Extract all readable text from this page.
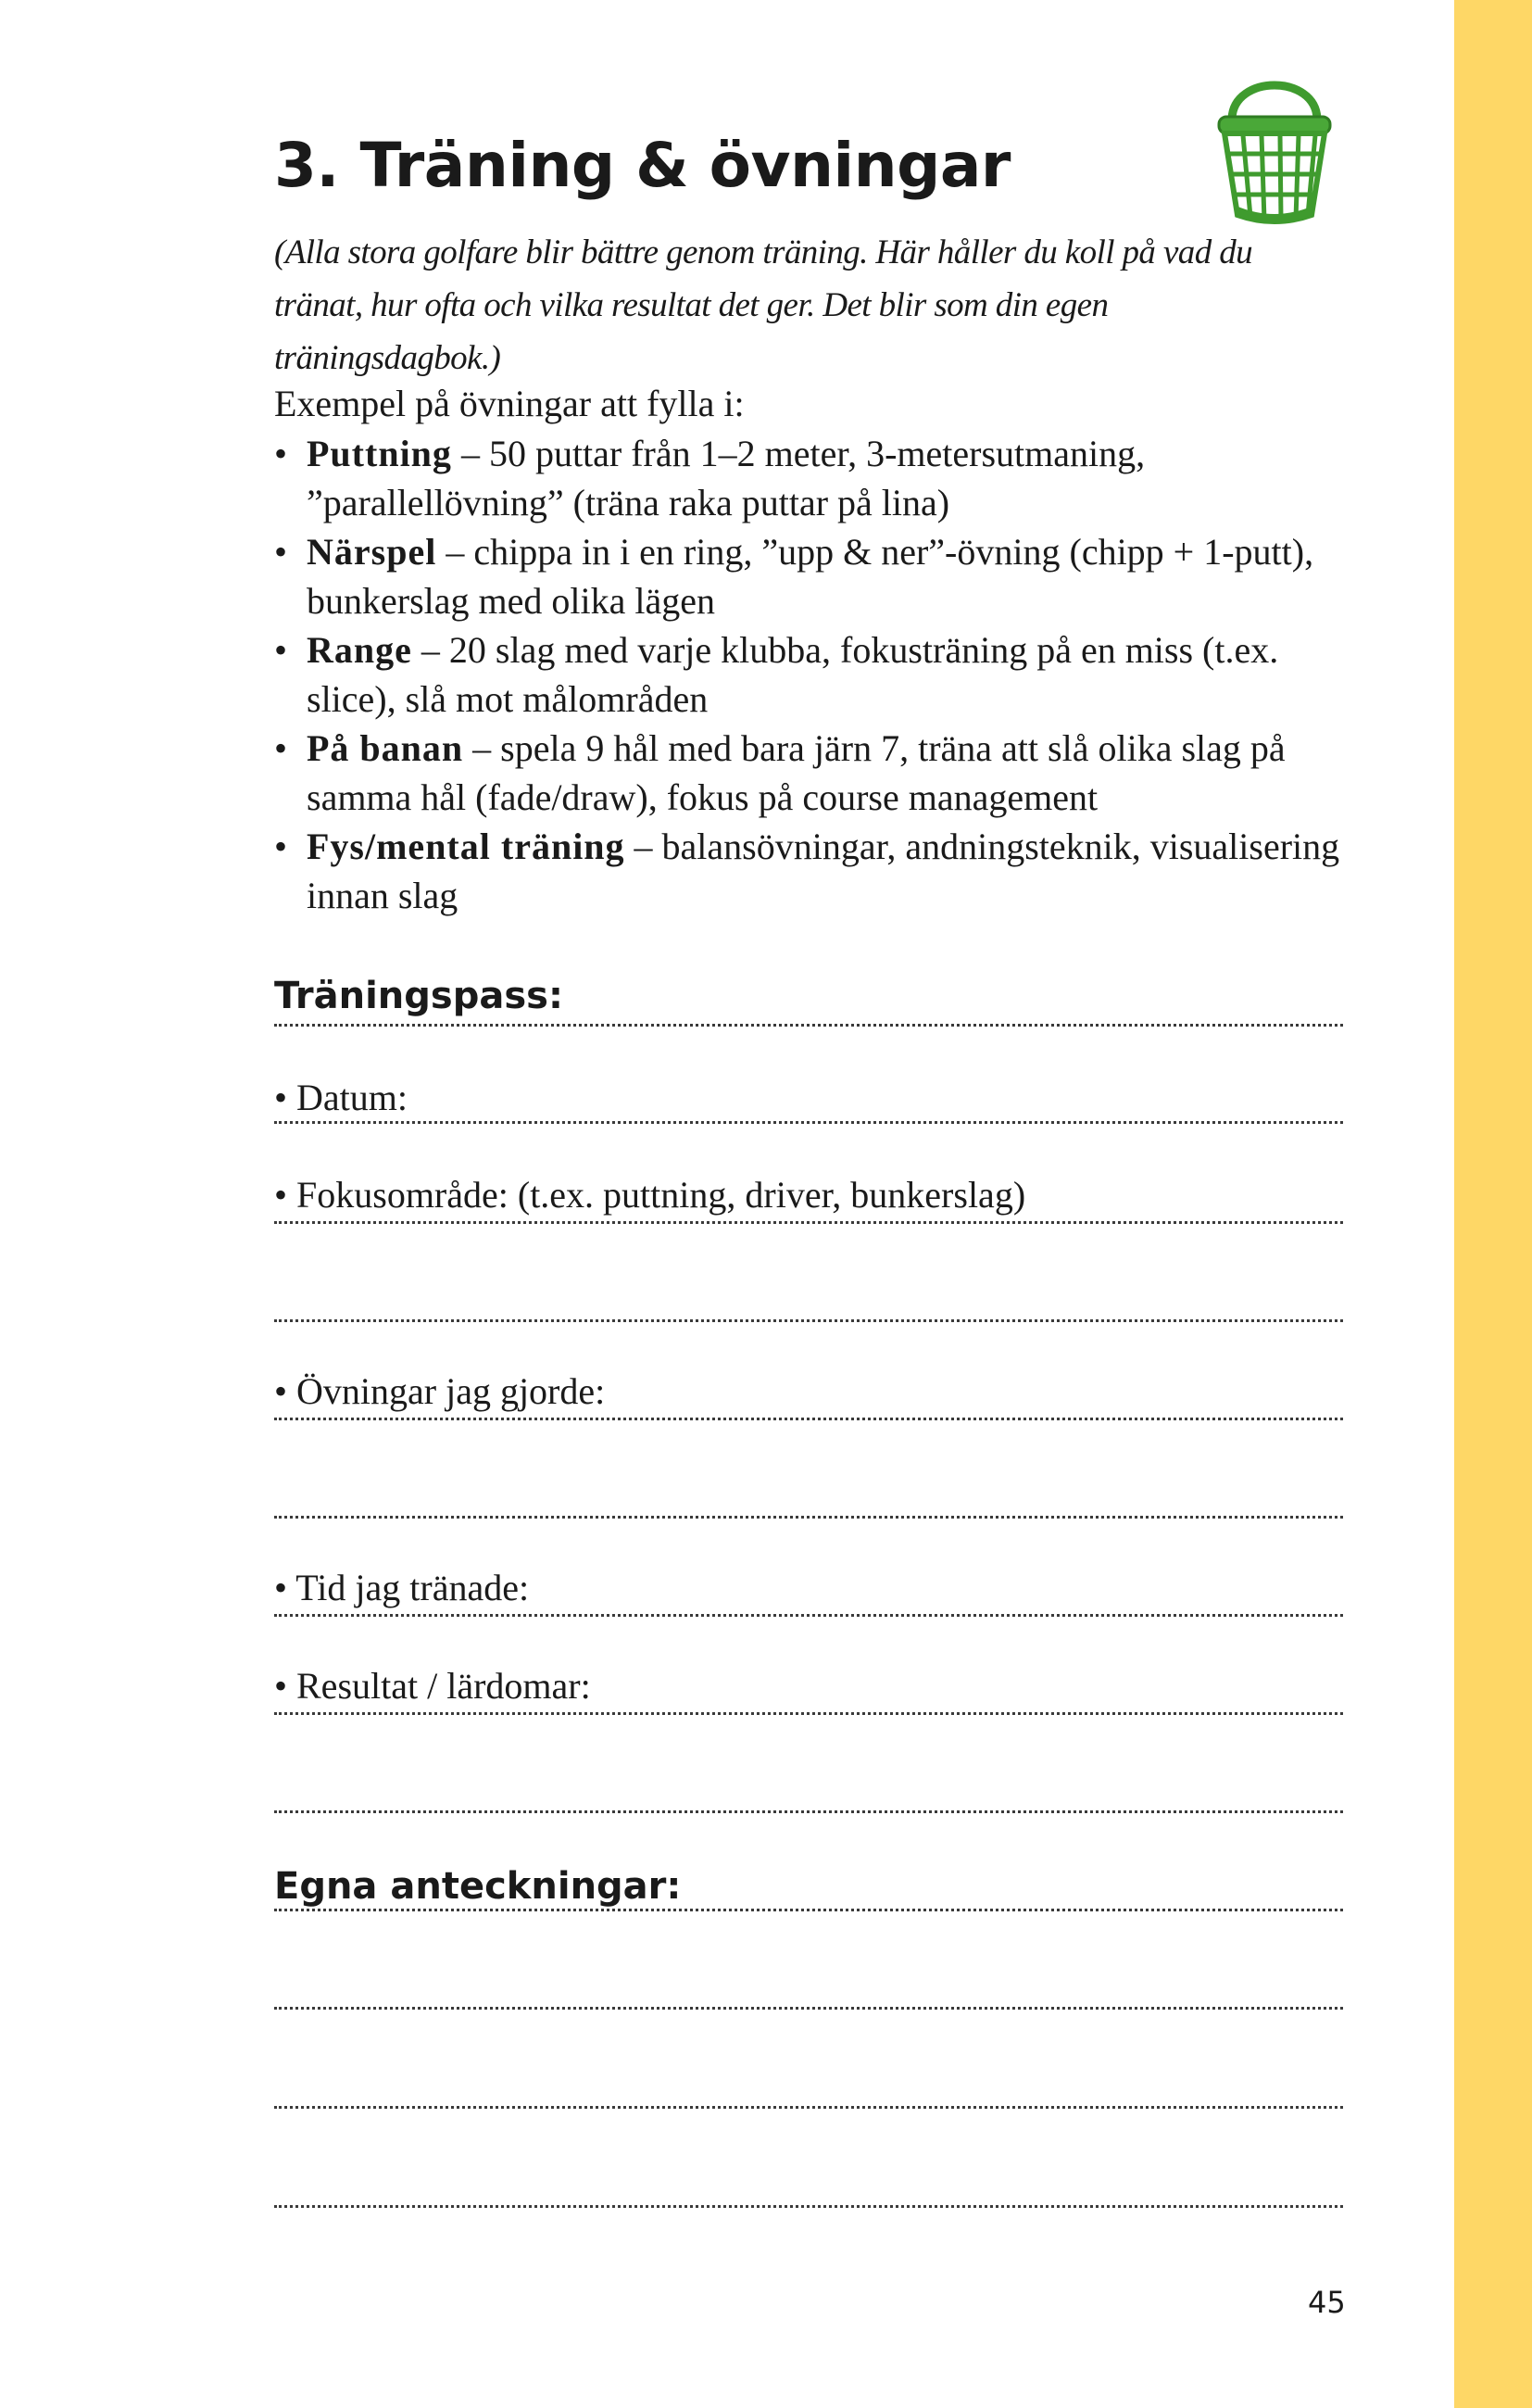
3. Träning & övningar

(Alla stora golfare blir bättre genom träning. Här håller du koll på vad du tränat, hur ofta och vilka resultat det ger. Det blir som din egen träningsdagbok.)

Exempel på övningar att fylla i:

• Puttning – 50 puttar från 1–2 meter, 3-metersutmaning, ”parallellövning” (träna raka puttar på lina)
• Närspel – chippa in i en ring, ”upp & ner”-övning (chipp + 1-putt), bunkerslag med olika lägen
• Range – 20 slag med varje klubba, fokusträning på en miss (t.ex. slice), slå mot målområden
• På banan – spela 9 hål med bara järn 7, träna att slå olika slag på samma hål (fade/draw), fokus på course management
• Fys/mental träning – balansövningar, andningsteknik, visualisering innan slag
Träningspass:

• Datum:

• Fokusområde: (t.ex. puttning, driver, bunkerslag)

• Övningar jag gjorde:

• Tid jag tränade:

• Resultat / lärdomar:

Egna anteckningar:

45
